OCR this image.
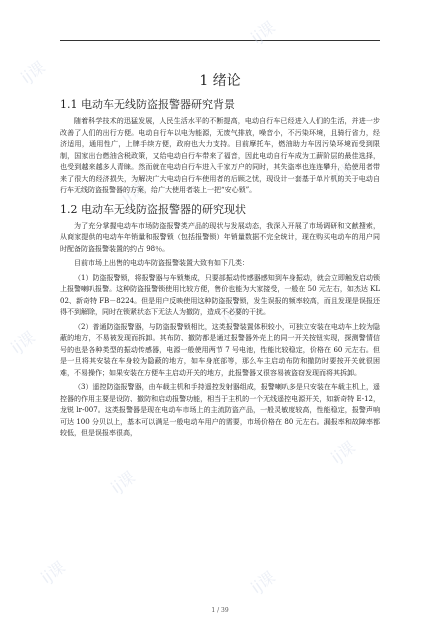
ĳ课
ĳ课
ĳ课
ĳ课
ĳ课
ĳ课
ĳ课
ĳ课
ĳ课	ĳ课
1 绪论
1.1 电动车无线防盗报警器研究背景

随着科学技术的迅猛发展，人民生活水平的不断提高，电动自行车已经进入人们的生活，并进一步改善了人们的出行方便。电动自行车以电为能源，无废气排放，噪音小，不污染环境，且骑行省力，经济适用，通用性广，上牌手续方便，政府也大力支持。目前摩托车，燃油助力车因污染环境而受到限制，国家出台燃油含税政策，又给电动自行车带来了福音，因此电动自行车成为工薪阶层的最佳选择，也受到越来越多人青睐。然而就在电动自行车进入千家万户的同时，其失盗率也连连攀升，给使用者带来了很大的经济损失，为解决广大电动自行车使用者的后顾之忧，现设计一套基于单片机的关于电动自行车无线防盗报警器的方案，给广大使用者装上一把“安心锁”。

1.2 电动车无线防盗报警器的研究现状

为了充分掌握电动车市场防盗报警类产品的现状与发展动态，我深入开展了市场调研和文献搜索，从商家提供的电动车年销量和报警锁（包括报警锁）年销量数据不完全统计，现在购买电动车的用户同时配备防盗报警装置的约占 98％。

目前市场上出售的电动车防盗报警装置大致有如下几类：

（1）防盗报警锁，将报警器与车锁集成，只要部振动传感器感知到车身振动，就会立即触发启动锁上报警喇叭报警。这种防盗报警锁使用比较方便，售价也能为大家接受，一般在 50 元左右，如杰达 KL02、新奇特 FB－8224。但是用户反映使用这种防盗报警锁，发生误报的频率较高，而且发现是误报还得不到解除，同时在锁紧状态下无法人为撤防，造成不必要的干扰。

（2）普通防盗报警器，与防盗报警锁相比，这类报警装置体积较小，可独立安装在电动车上较为隐蔽的地方，不易被发现而拆卸。其布防、撤防都是通过报警器外壳上的同一开关按钮实现，探测警情信号的也是各种类型的振动传感器，电源一般使用两节 7 号电池，性能比较稳定，价格在 60 元左右。但是一旦将其安装在车身较为隐蔽的地方，如车身底部等，那么车主启动布防和撤防时要按开关就很困难，不易操作；如果安装在方便车主启动开关的地方，此报警器又很容易被盗窃发现而将其拆卸。

（3）遥控防盗报警器，由车载主机和手持遥控发射器组成，报警喇叭多是只安装在车载主机上，遥控器的作用主要是设防、撤防和启动报警功能，相当于主机的一个无线遥控电源开关，如新奇特 E-12，龙锐 lr-007。这类报警器是现在电动车市场上的主流防盗产品，一般灵敏度较高，性能稳定，报警声响可达 100 分贝以上，基本可以满足一般电动车用户的需要，市场价格在 80 元左右。漏报率和故障率都较低，但是误报率很高，

1 / 39
